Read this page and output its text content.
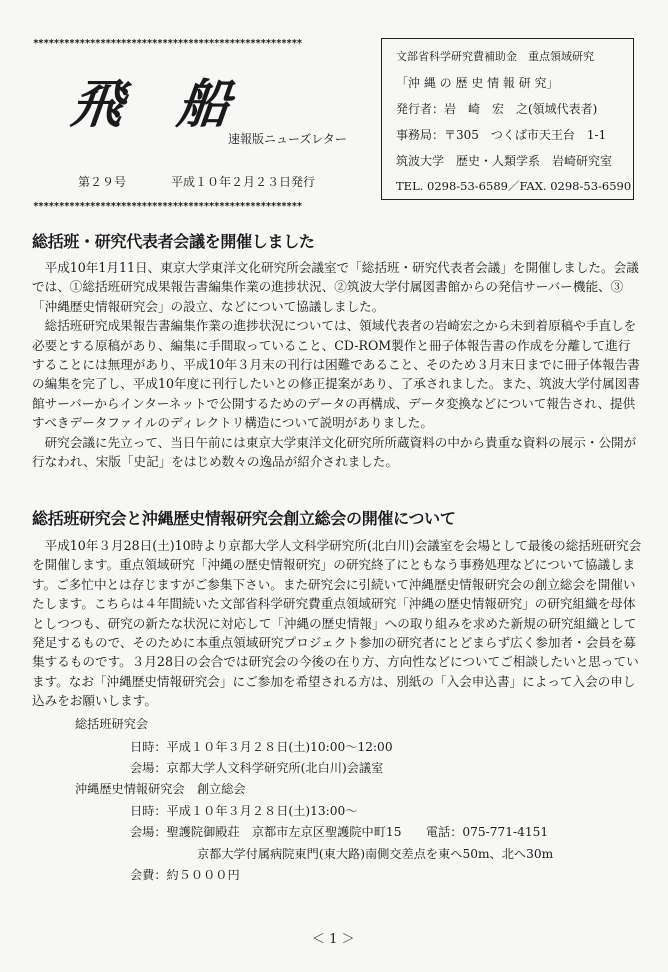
****************************************************
飛 船
速報版ニューズレター
第２９号	平成１０年２月２３日発行
****************************************************
文部省科学研究費補助金　重点領域研究
「沖 縄 の 歴 史 情 報 研 究」
発行者：岩　崎　宏　之(領域代表者)
事務局：〒305　つくば市天王台　1-1
筑波大学　歴史・人類学系　岩崎研究室
TEL. 0298-53-6589／FAX. 0298-53-6590
総括班・研究代表者会議を開催しました

平成10年1月11日、東京大学東洋文化研究所会議室で「総括班・研究代表者会議」を開催しました。会議では、①総括班研究成果報告書編集作業の進捗状況、②筑波大学付属図書館からの発信サーバー機能、③「沖縄歴史情報研究会」の設立、などについて協議しました。

総括班研究成果報告書編集作業の進捗状況については、領域代表者の岩崎宏之から未到着原稿や手直しを必要とする原稿があり、編集に手間取っていること、CD-ROM製作と冊子体報告書の作成を分離して進行することには無理があり、平成10年３月末の刊行は困難であること、そのため３月末日までに冊子体報告書の編集を完了し、平成10年度に刊行したいとの修正提案があり、了承されました。また、筑波大学付属図書館サーバーからインターネットで公開するためのデータの再構成、データ変換などについて報告され、提供すべきデータファイルのディレクトリ構造について説明がありました。

研究会議に先立って、当日午前には東京大学東洋文化研究所所蔵資料の中から貴重な資料の展示・公開が行なわれ、宋版「史記」をはじめ数々の逸品が紹介されました。

総括班研究会と沖縄歴史情報研究会創立総会の開催について

平成10年３月28日(土)10時より京都大学人文科学研究所(北白川)会議室を会場として最後の総括班研究会を開催します。重点領域研究「沖縄の歴史情報研究」の研究終了にともなう事務処理などについて協議します。ご多忙中とは存じますがご参集下さい。また研究会に引続いて沖縄歴史情報研究会の創立総会を開催いたします。こちらは４年間続いた文部省科学研究費重点領域研究「沖縄の歴史情報研究」の研究組織を母体としつつも、研究の新たな状況に対応して「沖縄の歴史情報」への取り組みを求めた新規の研究組織として発足するもので、そのために本重点領域研究プロジェクト参加の研究者にとどまらず広く参加者・会員を募集するものです。３月28日の会合では研究会の今後の在り方、方向性などについてご相談したいと思っています。なお「沖縄歴史情報研究会」にご参加を希望される方は、別紙の「入会申込書」によって入会の申し込みをお願いします。

総括班研究会
日時：平成１０年３月２８日(土)10:00～12:00
会場：京都大学人文科学研究所(北白川)会議室
沖縄歴史情報研究会　創立総会
日時：平成１０年３月２８日(土)13:00～
会場：聖護院御殿荘　京都市左京区聖護院中町15　　電話：075-771-4151
京都大学付属病院東門(東大路)南側交差点を東へ50m、北へ30m
会費：約５０００円
＜ 1 ＞
